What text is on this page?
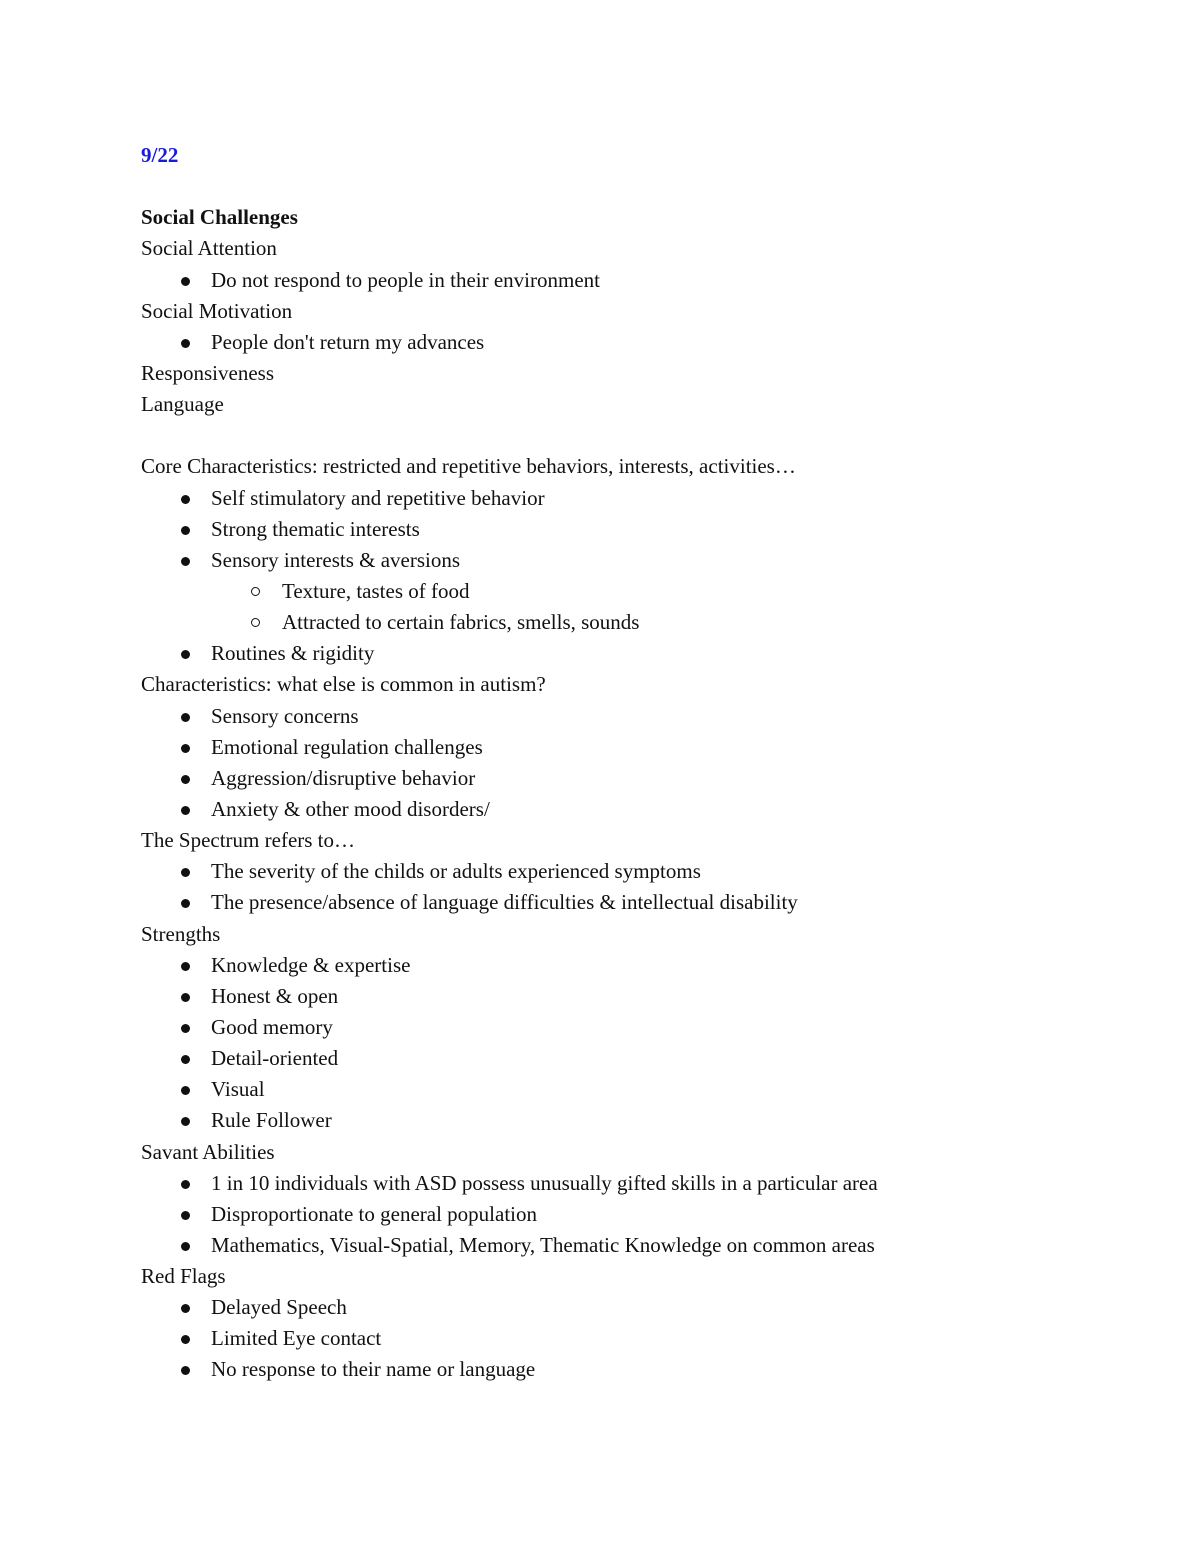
9/22
Social Challenges
Social Attention
Do not respond to people in their environment
Social Motivation
People don't return my advances
Responsiveness
Language
Core Characteristics: restricted and repetitive behaviors, interests, activities…
Self stimulatory and repetitive behavior
Strong thematic interests
Sensory interests & aversions
Texture, tastes of food
Attracted to certain fabrics, smells, sounds
Routines & rigidity
Characteristics: what else is common in autism?
Sensory concerns
Emotional regulation challenges
Aggression/disruptive behavior
Anxiety & other mood disorders/
The Spectrum refers to…
The severity of the childs or adults experienced symptoms
The presence/absence of language difficulties & intellectual disability
Strengths
Knowledge & expertise
Honest & open
Good memory
Detail-oriented
Visual
Rule Follower
Savant Abilities
1 in 10 individuals with ASD possess unusually gifted skills in a particular area
Disproportionate to general population
Mathematics, Visual-Spatial, Memory, Thematic Knowledge on common areas
Red Flags
Delayed Speech
Limited Eye contact
No response to their name or language
